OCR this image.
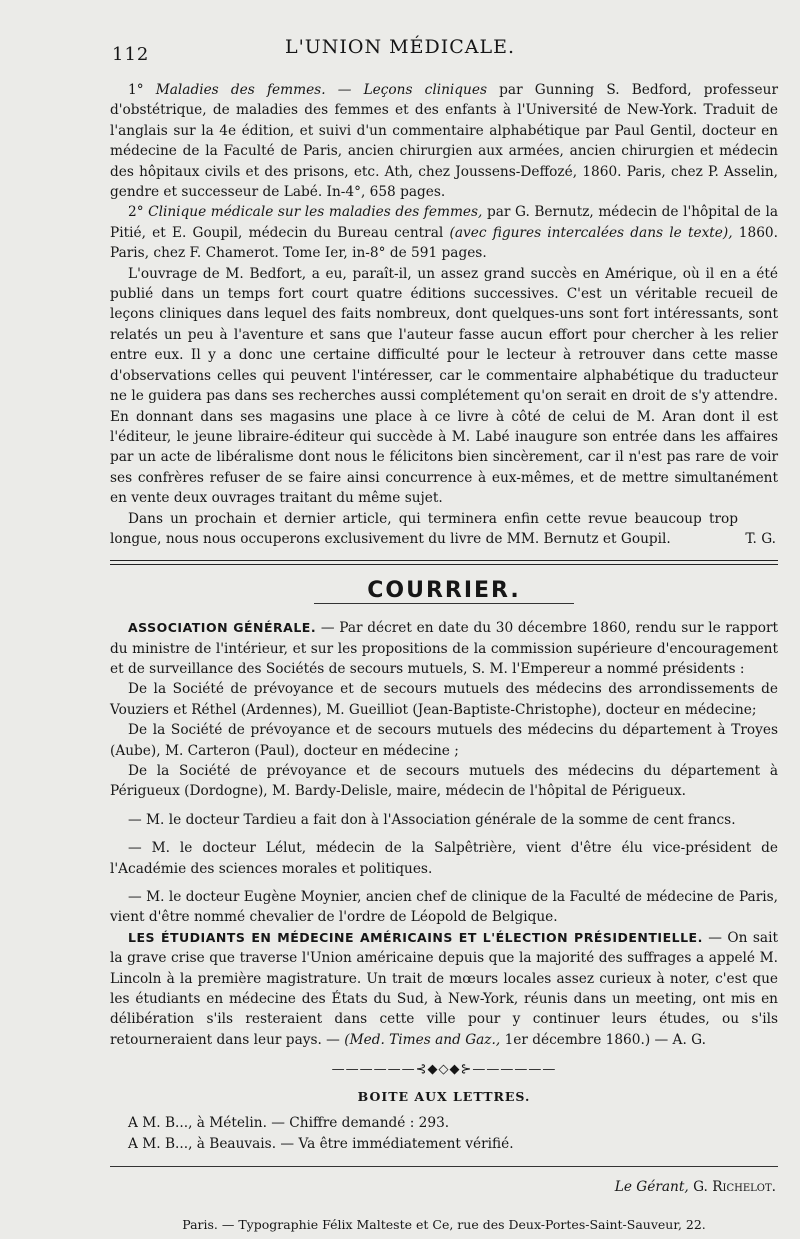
112	L'UNION MÉDICALE.

1° Maladies des femmes. — Leçons cliniques par Gunning S. Bedford, professeur d'obstétrique, de maladies des femmes et des enfants à l'Université de New-York. Traduit de l'anglais sur la 4e édition, et suivi d'un commentaire alphabétique par Paul Gentil, docteur en médecine de la Faculté de Paris, ancien chirurgien aux armées, ancien chirurgien et médecin des hôpitaux civils et des prisons, etc. Ath, chez Joussens-Deffozé, 1860. Paris, chez P. Asselin, gendre et successeur de Labé. In-4°, 658 pages.

2° Clinique médicale sur les maladies des femmes, par G. Bernutz, médecin de l'hôpital de la Pitié, et E. Goupil, médecin du Bureau central (avec figures intercalées dans le texte), 1860. Paris, chez F. Chamerot. Tome Ier, in-8° de 591 pages.

L'ouvrage de M. Bedfort, a eu, paraît-il, un assez grand succès en Amérique, où il en a été publié dans un temps fort court quatre éditions successives. C'est un véritable recueil de leçons cliniques dans lequel des faits nombreux, dont quelques-uns sont fort intéressants, sont relatés un peu à l'aventure et sans que l'auteur fasse aucun effort pour chercher à les relier entre eux. Il y a donc une certaine difficulté pour le lecteur à retrouver dans cette masse d'observations celles qui peuvent l'intéresser, car le commentaire alphabétique du traducteur ne le guidera pas dans ses recherches aussi complétement qu'on serait en droit de s'y attendre. En donnant dans ses magasins une place à ce livre à côté de celui de M. Aran dont il est l'éditeur, le jeune libraire-éditeur qui succède à M. Labé inaugure son entrée dans les affaires par un acte de libéralisme dont nous le félicitons bien sincèrement, car il n'est pas rare de voir ses confrères refuser de se faire ainsi concurrence à eux-mêmes, et de mettre simultanément en vente deux ouvrages traitant du même sujet.

Dans un prochain et dernier article, qui terminera enfin cette revue beaucoup trop longue, nous nous occuperons exclusivement du livre de MM. Bernutz et Goupil.	T. G.

COURRIER.

ASSOCIATION GÉNÉRALE. — Par décret en date du 30 décembre 1860, rendu sur le rapport du ministre de l'intérieur, et sur les propositions de la commission supérieure d'encouragement et de surveillance des Sociétés de secours mutuels, S. M. l'Empereur a nommé présidents :

De la Société de prévoyance et de secours mutuels des médecins des arrondissements de Vouziers et Réthel (Ardennes), M. Gueilliot (Jean-Baptiste-Christophe), docteur en médecine;

De la Société de prévoyance et de secours mutuels des médecins du département à Troyes (Aube), M. Carteron (Paul), docteur en médecine ;

De la Société de prévoyance et de secours mutuels des médecins du département à Périgueux (Dordogne), M. Bardy-Delisle, maire, médecin de l'hôpital de Périgueux.

— M. le docteur Tardieu a fait don à l'Association générale de la somme de cent francs.

— M. le docteur Lélut, médecin de la Salpêtrière, vient d'être élu vice-président de l'Académie des sciences morales et politiques.

— M. le docteur Eugène Moynier, ancien chef de clinique de la Faculté de médecine de Paris, vient d'être nommé chevalier de l'ordre de Léopold de Belgique.

LES ÉTUDIANTS EN MÉDECINE AMÉRICAINS ET L'ÉLECTION PRÉSIDENTIELLE. — On sait la grave crise que traverse l'Union américaine depuis que la majorité des suffrages a appelé M. Lincoln à la première magistrature. Un trait de mœurs locales assez curieux à noter, c'est que les étudiants en médecine des États du Sud, à New-York, réunis dans un meeting, ont mis en délibération s'ils resteraient dans cette ville pour y continuer leurs études, ou s'ils retourneraient dans leur pays. — (Med. Times and Gaz., 1er décembre 1860.) — A. G.

——————⊰◆◇◆⊱——————
BOITE AUX LETTRES.

A M. B..., à Mételin. — Chiffre demandé : 293.

A M. B..., à Beauvais. — Va être immédiatement vérifié.

Le Gérant, G. Richelot.

Paris. — Typographie Félix Malteste et Ce, rue des Deux-Portes-Saint-Sauveur, 22.
